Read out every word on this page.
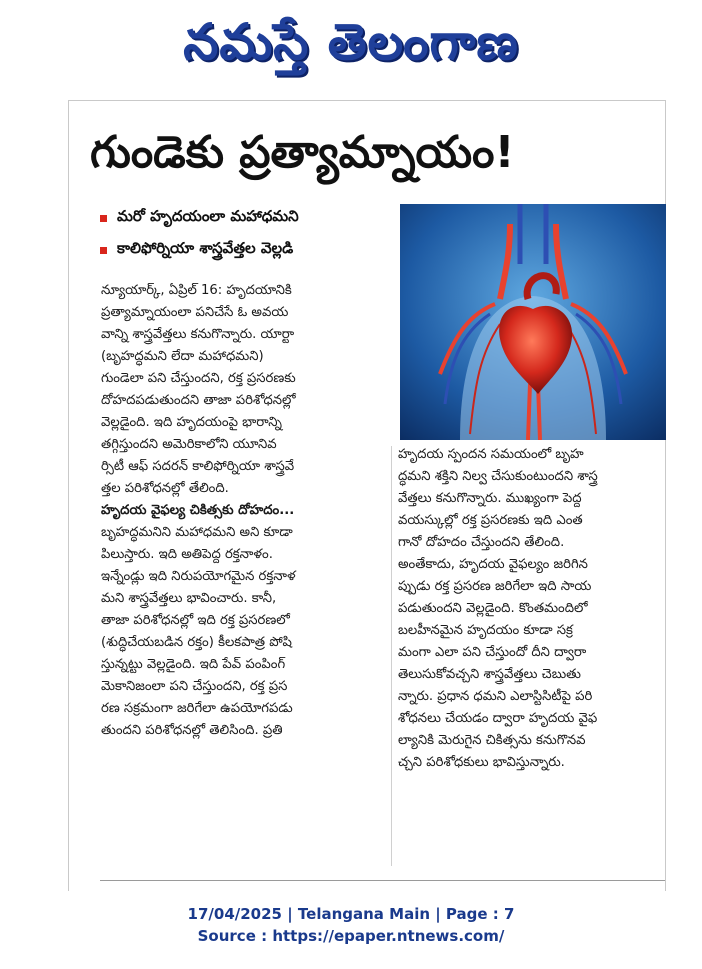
నమస్తే తెలంగాణ
గుండెకు ప్రత్యామ్నాయం!
మరో హృదయంలా మహాధమని
కాలిఫోర్నియా శాస్త్రవేత్తల వెల్లడి

న్యూయార్క్, ఏప్రిల్ 16: హృదయానికి

ప్రత్యామ్నాయంలా పనిచేసే ఓ అవయ

వాన్ని శాస్త్రవేత్తలు కనుగొన్నారు. యార్టా

(బృహద్ధమని లేదా మహాధమని)

గుండెలా పని చేస్తుందని, రక్త ప్రసరణకు

దోహదపడుతుందని తాజా పరిశోధనల్లో

వెల్లడైంది. ఇది హృదయంపై భారాన్ని

తగ్గిస్తుందని అమెరికాలోని యూనివ

ర్సిటీ ఆఫ్ సదరన్ కాలిఫోర్నియా శాస్త్రవే

త్తల పరిశోధనల్లో తేలింది.

హృదయ వైఫల్య చికిత్సకు దోహదం...

బృహద్ధమనిని మహాధమని అని కూడా

పిలుస్తారు. ఇది అతిపెద్ద రక్తనాళం.

ఇన్నేండ్లు ఇది నిరుపయోగమైన రక్తనాళ

మని శాస్త్రవేత్తలు భావించారు. కానీ,

తాజా పరిశోధనల్లో ఇది రక్త ప్రసరణలో

(శుద్ధిచేయబడిన రక్తం) కీలకపాత్ర పోషి

స్తున్నట్టు వెల్లడైంది. ఇది పేవ్ పంపింగ్

మెకానిజంలా పని చేస్తుందని, రక్త ప్రస

రణ సక్రమంగా జరిగేలా ఉపయోగపడు

తుందని పరిశోధనల్లో తెలిసింది. ప్రతి

హృదయ స్పందన సమయంలో బృహ

ద్ధమని శక్తిని నిల్వ చేసుకుంటుందని శాస్త్ర

వేత్తలు కనుగొన్నారు. ముఖ్యంగా పెద్ద

వయస్కుల్లో రక్త ప్రసరణకు ఇది ఎంత

గానో దోహదం చేస్తుందని తేలింది.

అంతేకాదు, హృదయ వైఫల్యం జరిగిన

ప్పుడు రక్త ప్రసరణ జరిగేలా ఇది సాయ

పడుతుందని వెల్లడైంది. కొంతమందిలో

బలహీనమైన హృదయం కూడా సక్ర

మంగా ఎలా పని చేస్తుందో దీని ద్వారా

తెలుసుకోవచ్చని శాస్త్రవేత్తలు చెబుతు

న్నారు. ప్రధాన ధమని ఎలాస్టిసిటీపై పరి

శోధనలు చేయడం ద్వారా హృదయ వైఫ

ల్యానికి మెరుగైన చికిత్సను కనుగొనవ

చ్చని పరిశోధకులు భావిస్తున్నారు.

17/04/2025 | Telangana Main | Page : 7
Source : https://epaper.ntnews.com/
